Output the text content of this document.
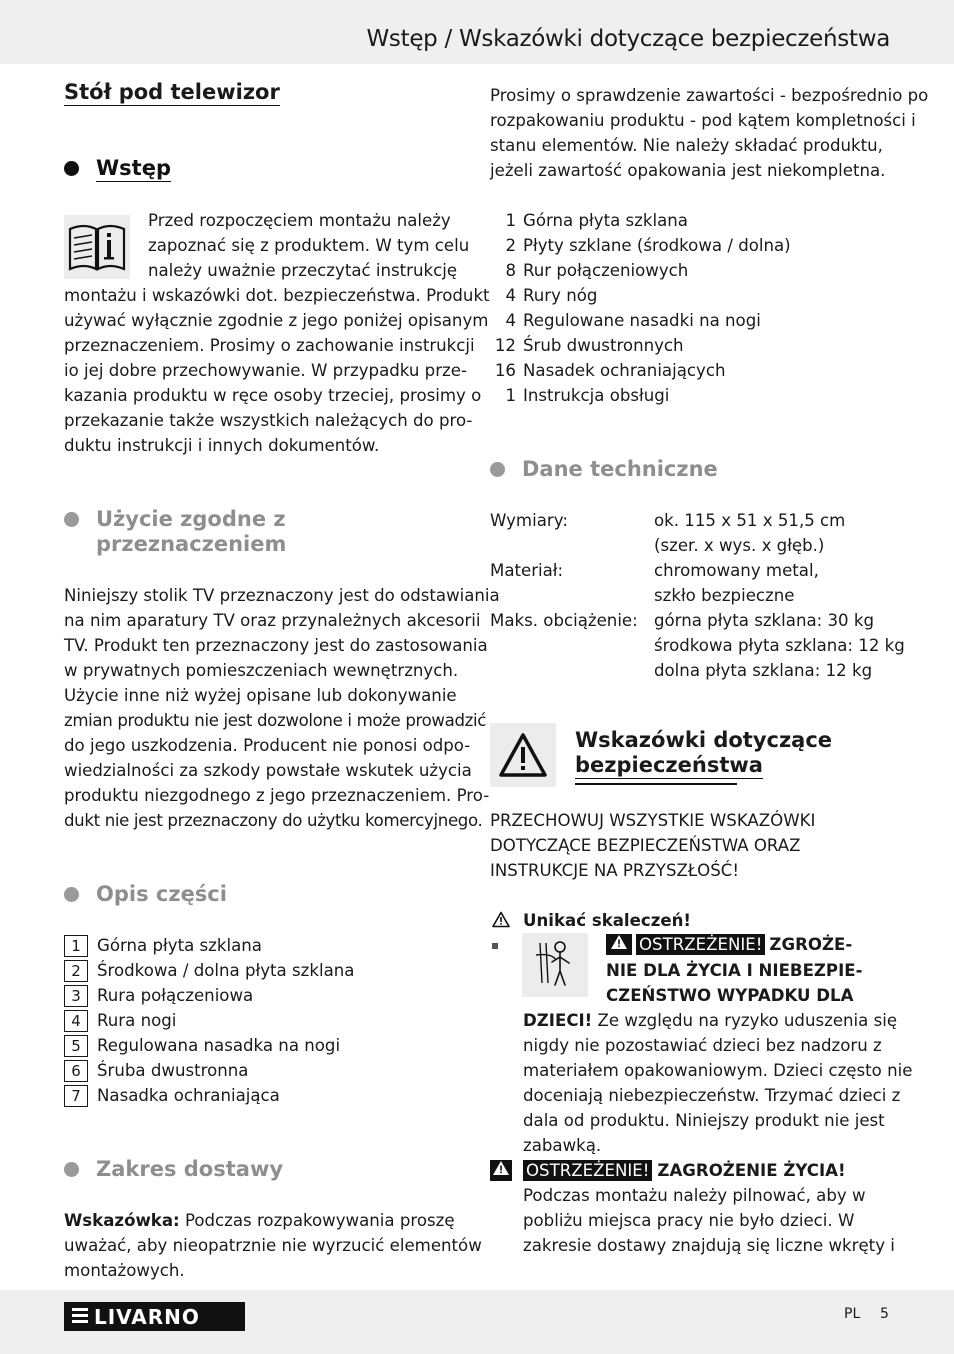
Wstęp / Wskazówki dotyczące bezpieczeństwa
Stół pod telewizor
Wstęp
Przed rozpoczęciem montażu należy
zapoznać się z produktem. W tym celu
należy uważnie przeczytać instrukcję
montażu i wskazówki dot. bezpieczeństwa. Produkt
używać wyłącznie zgodnie z jego poniżej opisanym
przeznaczeniem. Prosimy o zachowanie instrukcji
io jej dobre przechowywanie. W przypadku prze-
kazania produktu w ręce osoby trzeciej, prosimy o
przekazanie także wszystkich należących do pro-
duktu instrukcji i innych dokumentów.
Użycie zgodne z
przeznaczeniem
Niniejszy stolik TV przeznaczony jest do odstawiania
na nim aparatury TV oraz przynależnych akcesorii
TV. Produkt ten przeznaczony jest do zastosowania
w prywatnych pomieszczeniach wewnętrznych.
Użycie inne niż wyżej opisane lub dokonywanie
zmian produktu nie jest dozwolone i może prowadzić
do jego uszkodzenia. Producent nie ponosi odpo-
wiedzialności za szkody powstałe wskutek użycia
produktu niezgodnego z jego przeznaczeniem. Pro-
dukt nie jest przeznaczony do użytku komercyjnego.
Opis części
1 Górna płyta szklana
2 Środkowa / dolna płyta szklana
3 Rura połączeniowa
4 Rura nogi
5 Regulowana nasadka na nogi
6 Śruba dwustronna
7 Nasadka ochraniająca
Zakres dostawy
Wskazówka: Podczas rozpakowywania proszę
uważać, aby nieopatrznie nie wyrzucić elementów
montażowych.
Prosimy o sprawdzenie zawartości - bezpośrednio po
rozpakowaniu produktu - pod kątem kompletności i
stanu elementów. Nie należy składać produktu,
jeżeli zawartość opakowania jest niekompletna.
1 Górna płyta szklana
2 Płyty szklane (środkowa / dolna)
8 Rur połączeniowych
4 Rury nóg
4 Regulowane nasadki na nogi
12 Śrub dwustronnych
16 Nasadek ochraniających
1 Instrukcja obsługi
Dane techniczne
Wymiary:	ok. 115 x 51 x 51,5 cm
(szer. x wys. x głęb.)
Materiał:	chromowany metal,
szkło bezpieczne
Maks. obciążenie: górna płyta szklana: 30 kg
środkowa płyta szklana: 12 kg
dolna płyta szklana: 12 kg
Wskazówki dotyczące
bezpieczeństwa
PRZECHOWUJ WSZYSTKIE WSKAZÓWKI
DOTYCZĄCE BEZPIECZEŃSTWA ORAZ
INSTRUKCJE NA PRZYSZŁOŚĆ!
Unikać skaleczeń!
OSTRZEŻENIE! ZGROŻE-
NIE DLA ŻYCIA I NIEBEZPIE-
CZEŃSTWO WYPADKU DLA
DZIECI! Ze względu na ryzyko uduszenia się
nigdy nie pozostawiać dzieci bez nadzoru z
materiałem opakowaniowym. Dzieci często nie
doceniają niebezpieczeństw. Trzymać dzieci z
dala od produktu. Niniejszy produkt nie jest
zabawką.
OSTRZEŻENIE! ZAGROŻENIE ŻYCIA!
Podczas montażu należy pilnować, aby w
pobliżu miejsca pracy nie było dzieci. W
zakresie dostawy znajdują się liczne wkręty i
LIVARNO	PL 5
